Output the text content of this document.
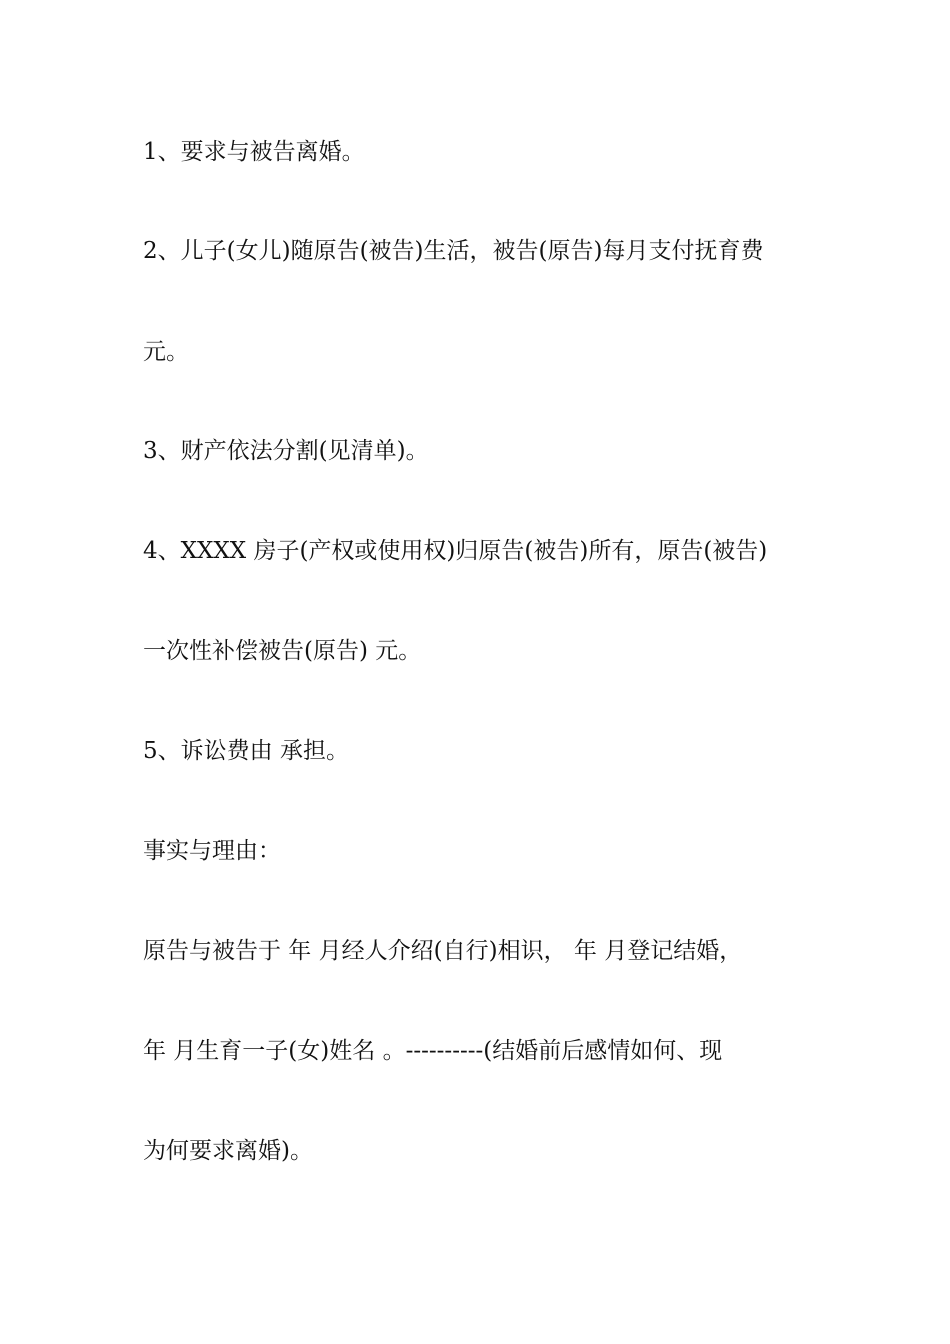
1、要求与被告离婚。

2、儿子(女儿)随原告(被告)生活，被告(原告)每月支付抚育费

元。

3、财产依法分割(见清单)。

4、XXXX 房子(产权或使用权)归原告(被告)所有，原告(被告)

一次性补偿被告(原告) 元。

5、诉讼费由 承担。

事实与理由：

原告与被告于 年 月经人介绍(自行)相识， 年 月登记结婚，

年 月生育一子(女)姓名 。----------(结婚前后感情如何、现

为何要求离婚)。
